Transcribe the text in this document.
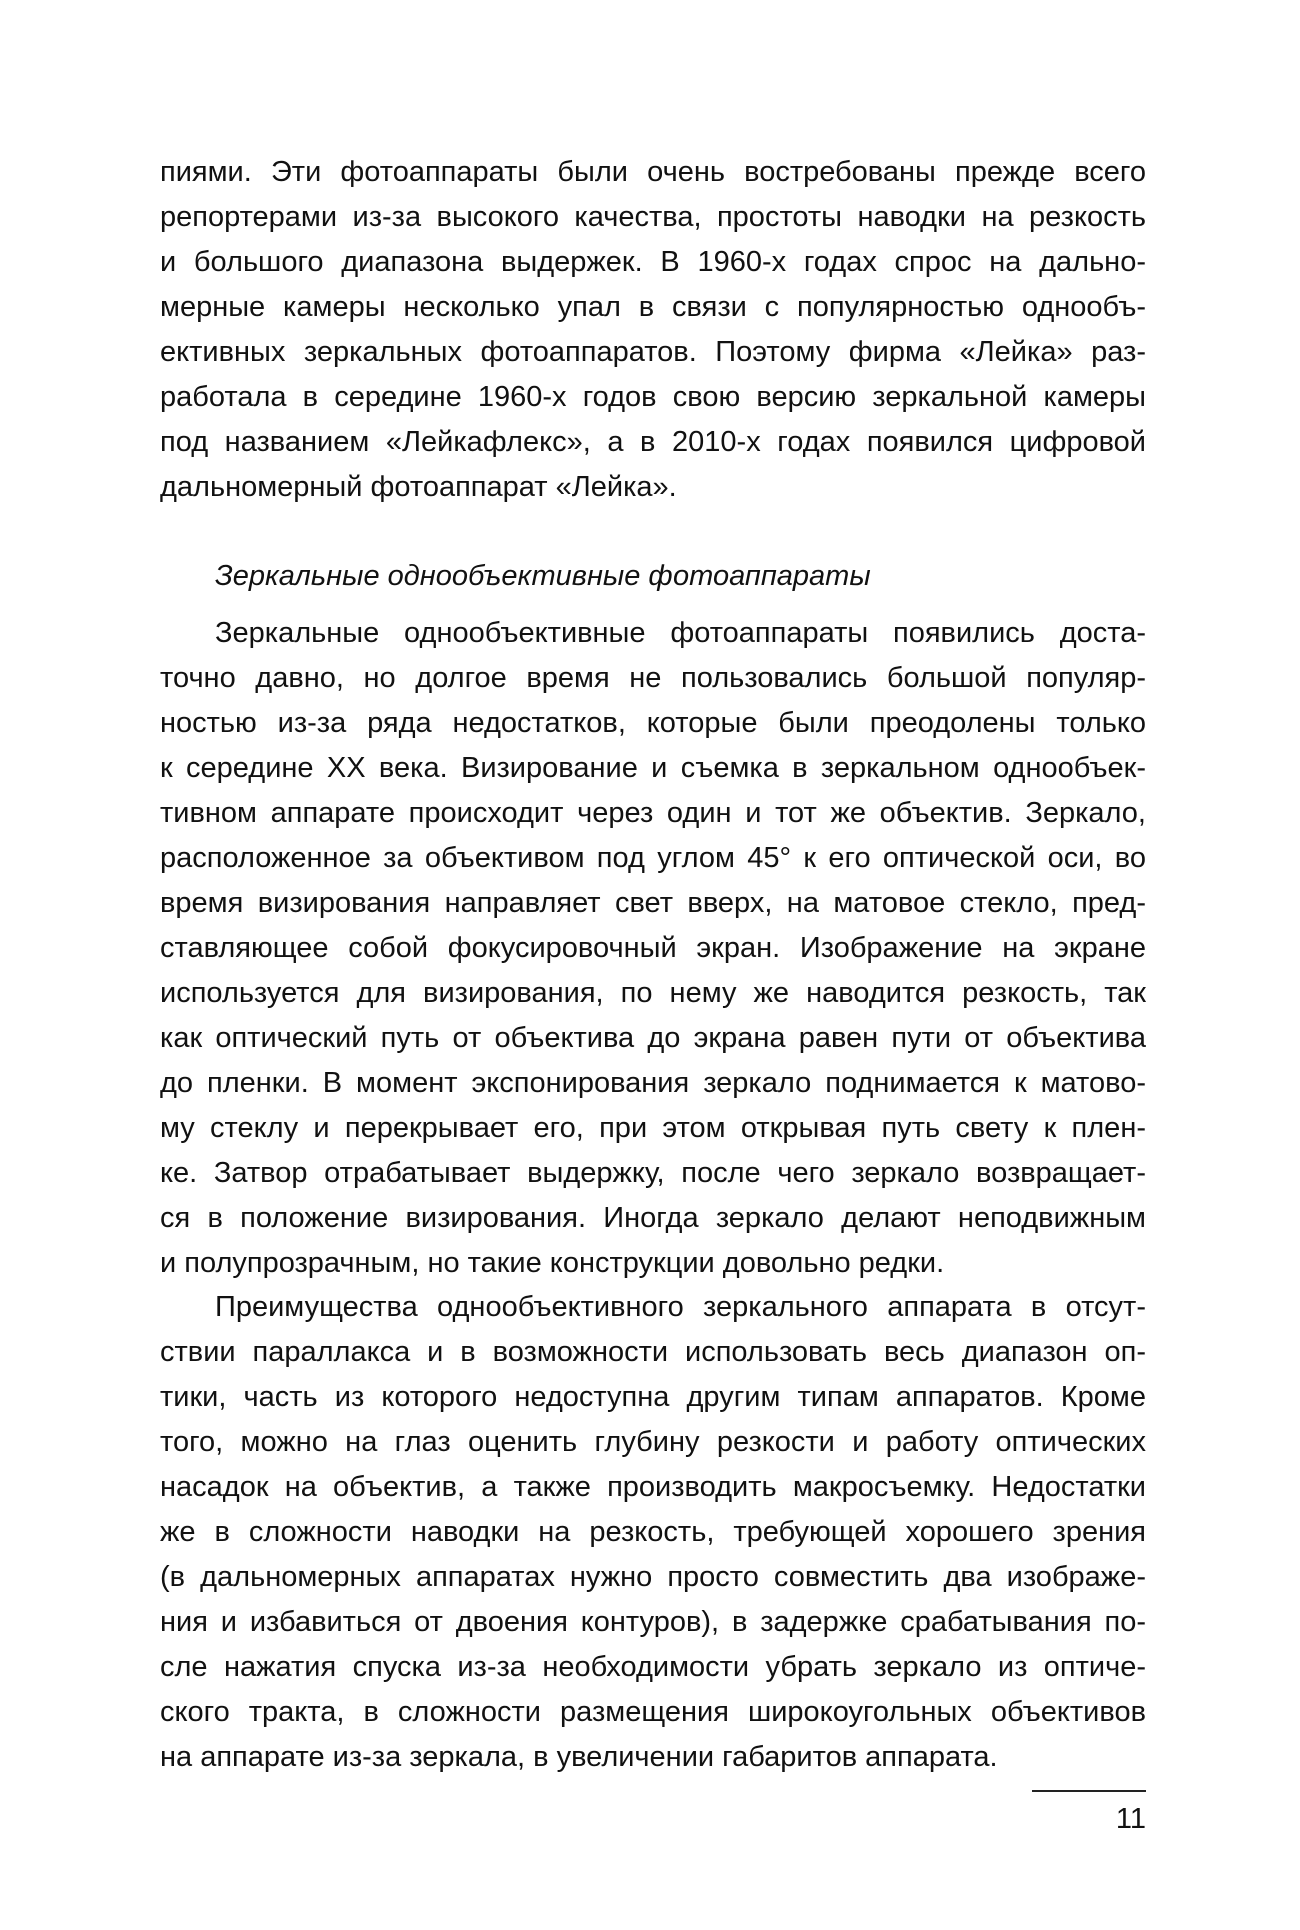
пиями. Эти фотоаппараты были очень востребованы прежде всего
репортерами из-за высокого качества, простоты наводки на резкость
и большого диапазона выдержек. В 1960-х годах спрос на дально-
мерные камеры несколько упал в связи с популярностью однообъ-
ективных зеркальных фотоаппаратов. Поэтому фирма «Лейка» раз-
работала в середине 1960-х годов свою версию зеркальной камеры
под названием «Лейкафлекс», а в 2010-х годах появился цифровой
дальномерный фотоаппарат «Лейка».

Зеркальные однообъективные фотоаппараты

Зеркальные однообъективные фотоаппараты появились доста-
точно давно, но долгое время не пользовались большой популяр-
ностью из-за ряда недостатков, которые были преодолены только
к середине XX века. Визирование и съемка в зеркальном однообъек-
тивном аппарате происходит через один и тот же объектив. Зеркало,
расположенное за объективом под углом 45° к его оптической оси, во
время визирования направляет свет вверх, на матовое стекло, пред-
ставляющее собой фокусировочный экран. Изображение на экране
используется для визирования, по нему же наводится резкость, так
как оптический путь от объектива до экрана равен пути от объектива
до пленки. В момент экспонирования зеркало поднимается к матово-
му стеклу и перекрывает его, при этом открывая путь свету к плен-
ке. Затвор отрабатывает выдержку, после чего зеркало возвращает-
ся в положение визирования. Иногда зеркало делают неподвижным
и полупрозрачным, но такие конструкции довольно редки.
Преимущества однообъективного зеркального аппарата в отсут-
ствии параллакса и в возможности использовать весь диапазон оп-
тики, часть из которого недоступна другим типам аппаратов. Кроме
того, можно на глаз оценить глубину резкости и работу оптических
насадок на объектив, а также производить макросъемку. Недостатки
же в сложности наводки на резкость, требующей хорошего зрения
(в дальномерных аппаратах нужно просто совместить два изображе-
ния и избавиться от двоения контуров), в задержке срабатывания по-
сле нажатия спуска из-за необходимости убрать зеркало из оптиче-
ского тракта, в сложности размещения широкоугольных объективов
на аппарате из-за зеркала, в увеличении габаритов аппарата.
11
